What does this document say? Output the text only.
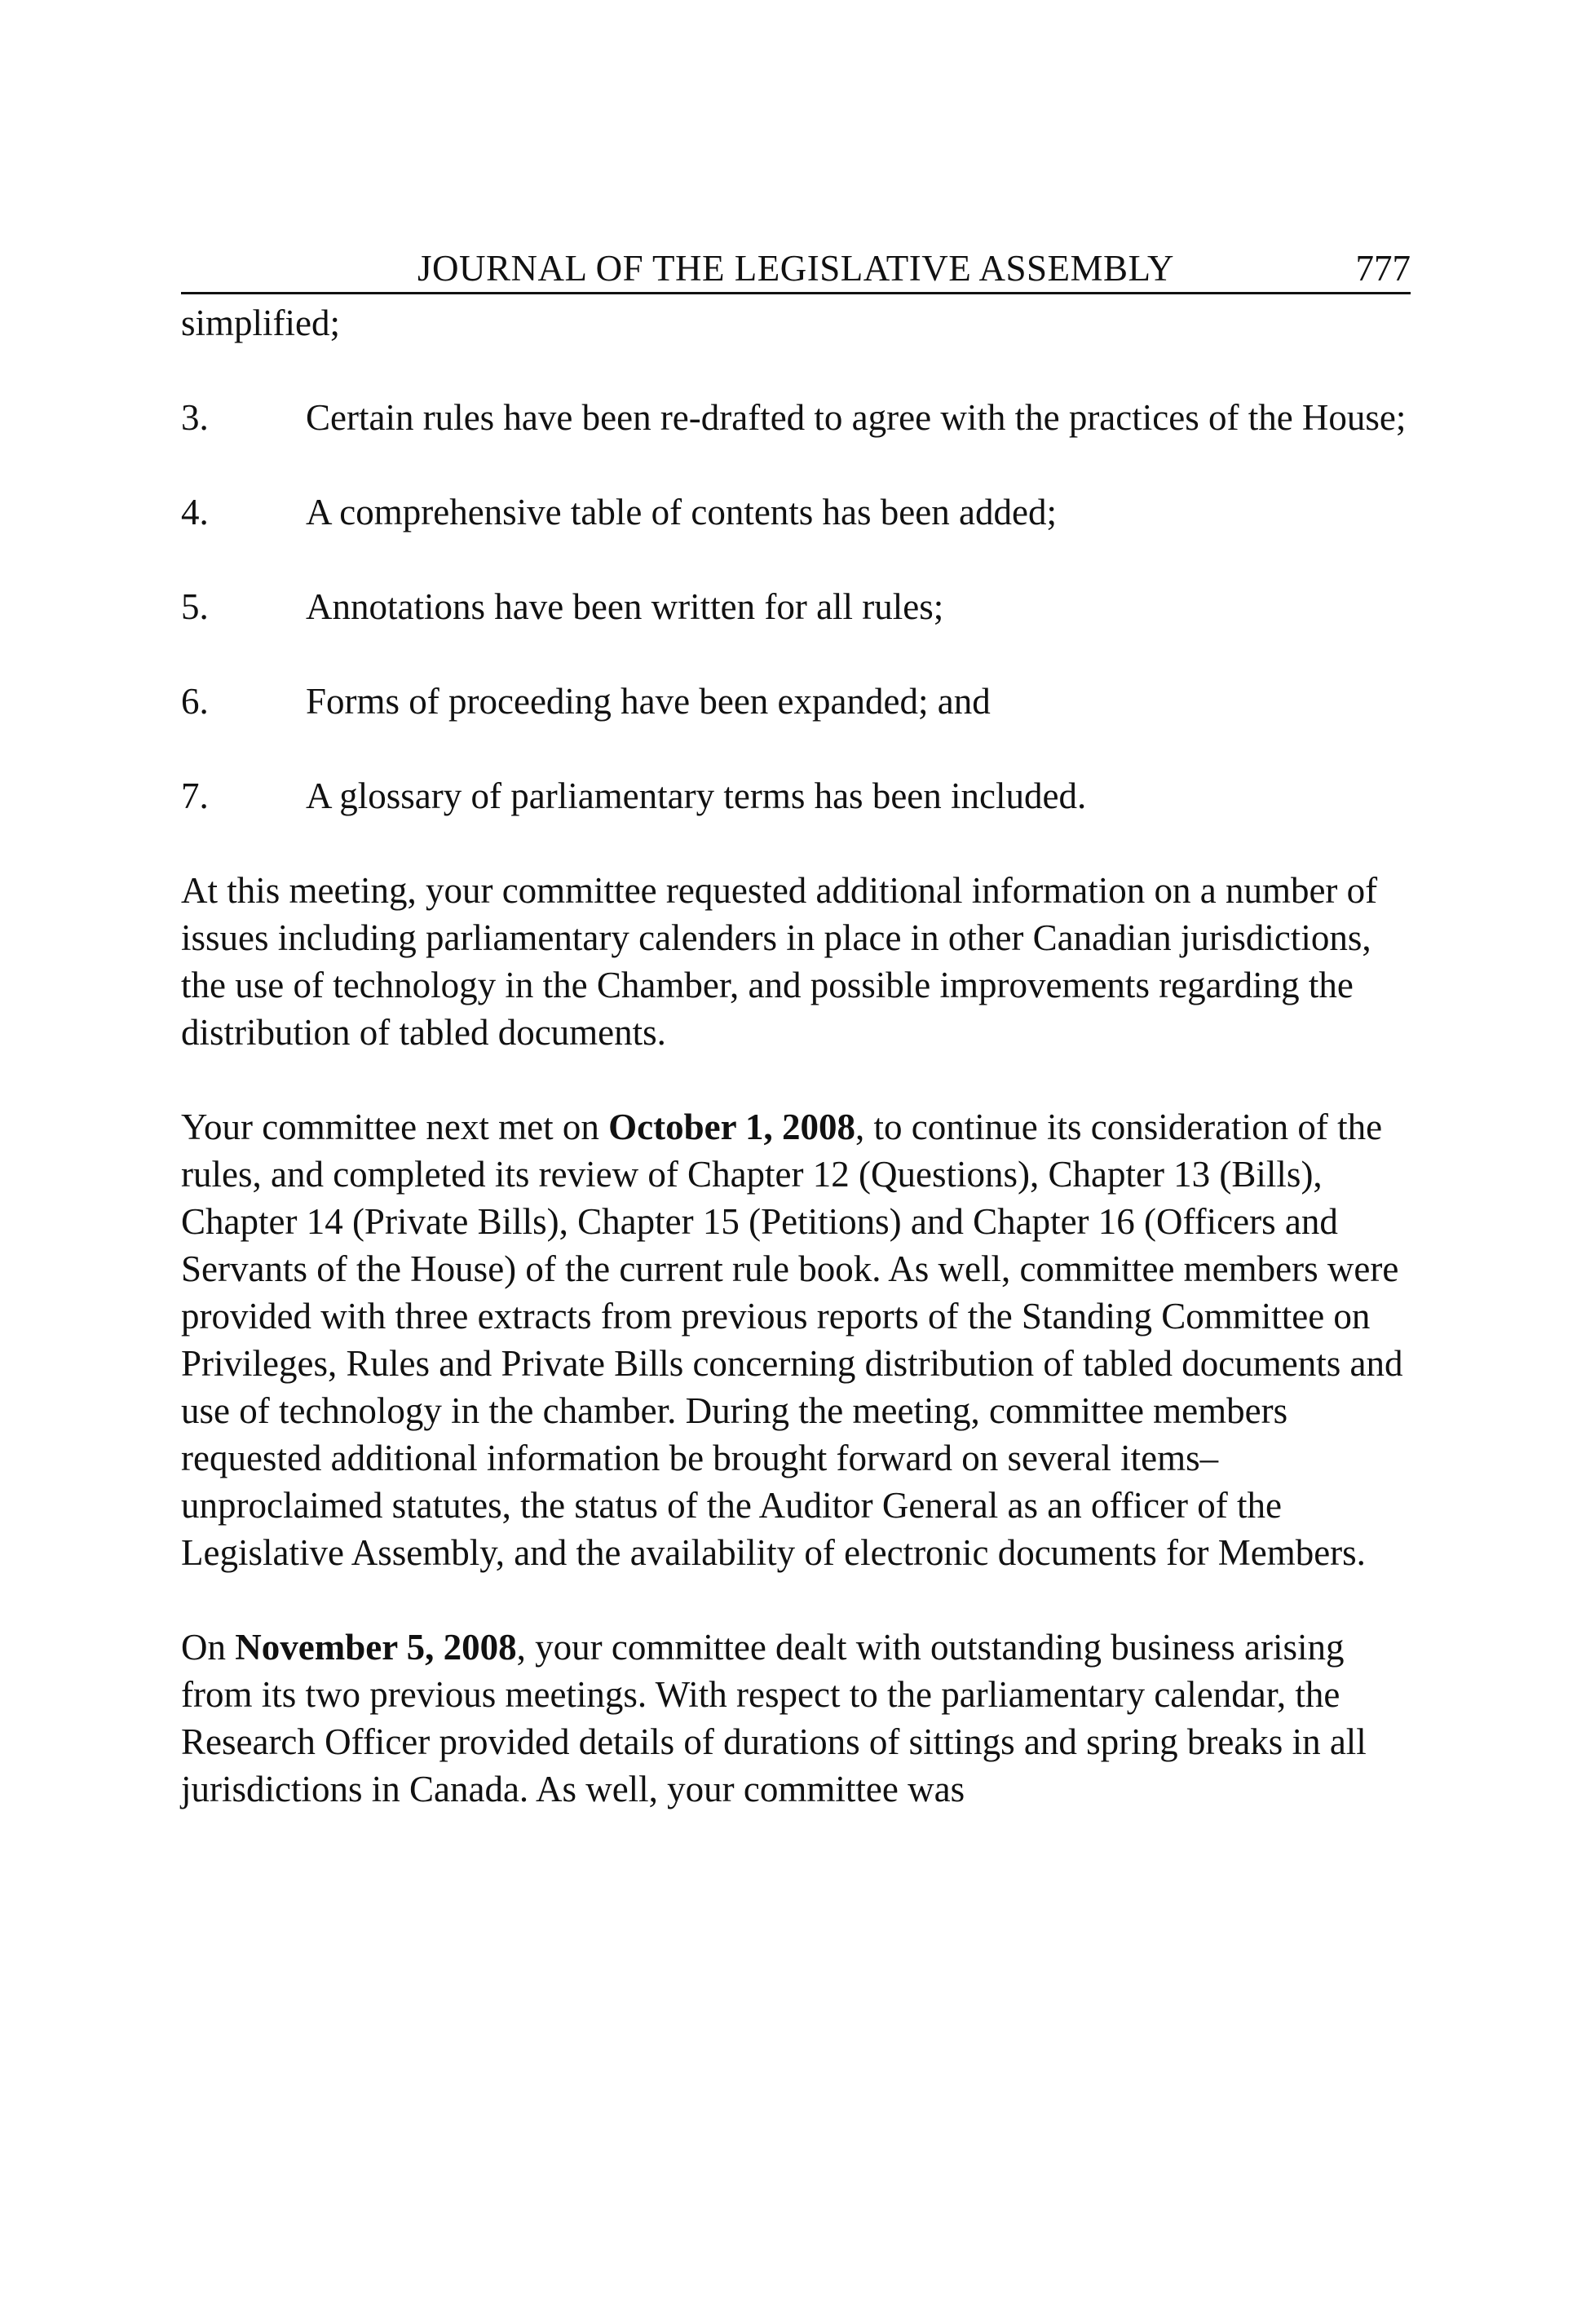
JOURNAL OF THE LEGISLATIVE ASSEMBLY	777

simplified;

3.	Certain rules have been re-drafted to agree with the practices of the House;

4.	A comprehensive table of contents has been added;

5.	Annotations have been written for all rules;

6.	Forms of proceeding have been expanded; and

7.	A glossary of parliamentary terms has been included.

At this meeting, your committee requested additional information on a number of issues including parliamentary calenders in place in other Canadian jurisdictions, the use of technology in the Chamber, and possible improvements regarding the distribution of tabled documents.

Your committee next met on October 1, 2008, to continue its consideration of the rules, and completed its review of Chapter 12 (Questions), Chapter 13 (Bills), Chapter 14 (Private Bills), Chapter 15 (Petitions) and Chapter 16 (Officers and Servants of the House) of the current rule book. As well, committee members were provided with three extracts from previous reports of the Standing Committee on Privileges, Rules and Private Bills concerning distribution of tabled documents and use of technology in the chamber. During the meeting, committee members requested additional information be brought forward on several items–unproclaimed statutes, the status of the Auditor General as an officer of the Legislative Assembly, and the availability of electronic documents for Members.

On November 5, 2008, your committee dealt with outstanding business arising from its two previous meetings. With respect to the parliamentary calendar, the Research Officer provided details of durations of sittings and spring breaks in all jurisdictions in Canada. As well, your committee was
